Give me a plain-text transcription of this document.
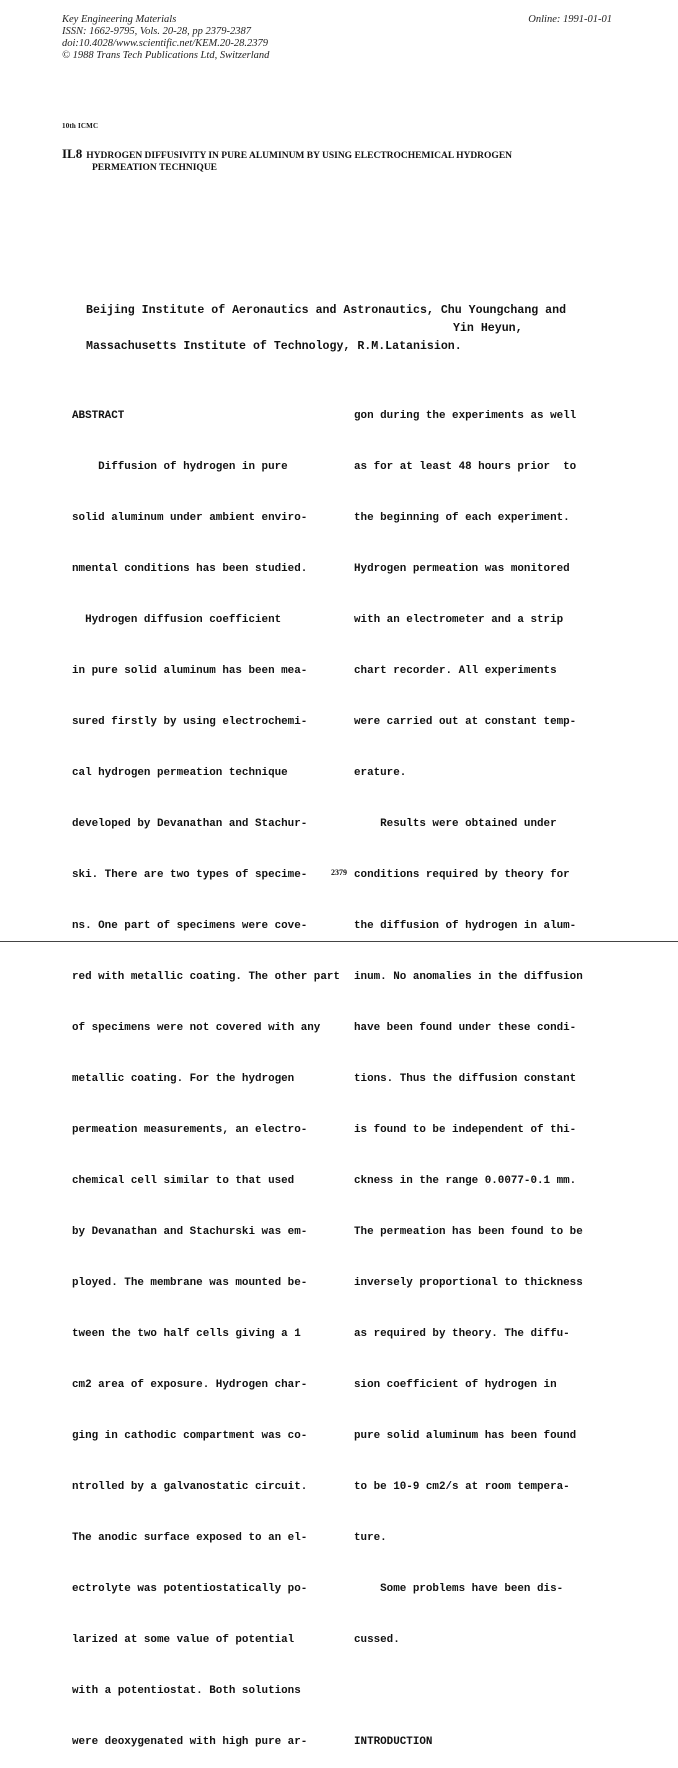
Key Engineering Materials
ISSN: 1662-9795, Vols. 20-28, pp 2379-2387
doi:10.4028/www.scientific.net/KEM.20-28.2379
© 1988 Trans Tech Publications Ltd, Switzerland
Online: 1991-01-01
10th ICMC
IL8 HYDROGEN DIFFUSIVITY IN PURE ALUMINUM BY USING ELECTROCHEMICAL HYDROGEN
PERMEATION TECHNIQUE
Beijing Institute of Aeronautics and Astronautics, Chu Youngchang and
Yin Heyun,
Massachusetts Institute of Technology, R.M.Latanision.

ABSTRACT

Diffusion of hydrogen in pure

solid aluminum under ambient enviro-

nmental conditions has been studied.

Hydrogen diffusion coefficient

in pure solid aluminum has been mea-

sured firstly by using electrochemi-

cal hydrogen permeation technique

developed by Devanathan and Stachur-

ski. There are two types of specime-

ns. One part of specimens were cove-

red with metallic coating. The other part

of specimens were not covered with any

metallic coating. For the hydrogen

permeation measurements, an electro-

chemical cell similar to that used

by Devanathan and Stachurski was em-

ployed. The membrane was mounted be-

tween the two half cells giving a 1

cm2 area of exposure. Hydrogen char-

ging in cathodic compartment was co-

ntrolled by a galvanostatic circuit.

The anodic surface exposed to an el-

ectrolyte was potentiostatically po-

larized at some value of potential

with a potentiostat. Both solutions

were deoxygenated with high pure ar-

gon during the experiments as well

as for at least 48 hours prior  to

the beginning of each experiment.

Hydrogen permeation was monitored

with an electrometer and a strip

chart recorder. All experiments

were carried out at constant temp-

erature.

Results were obtained under

conditions required by theory for

the diffusion of hydrogen in alum-

inum. No anomalies in the diffusion

have been found under these condi-

tions. Thus the diffusion constant

is found to be independent of thi-

ckness in the range 0.0077-0.1 mm.

The permeation has been found to be

inversely proportional to thickness

as required by theory. The diffu-

sion coefficient of hydrogen in

pure solid aluminum has been found

to be 10-9 cm2/s at room tempera-

ture.

Some problems have been dis-

cussed.

INTRODUCTION

2379
